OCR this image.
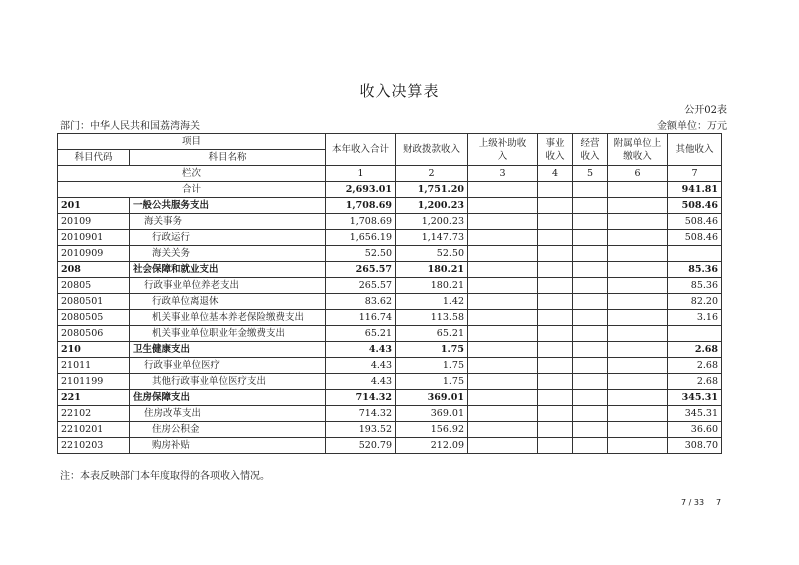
收入决算表
公开02表
部门：中华人民共和国荔湾海关	金额单位：万元
项目		本年收入合计	财政拨款收入	上级补助收入	事业收入	经营收入	附属单位上缴收入	其他收入
科目代码	科目名称							
栏次		1	2	3	4	5	6	7
合计		2,693.01	1,751.20					941.81
201	一般公共服务支出	1,708.69	1,200.23					508.46
20109	海关事务	1,708.69	1,200.23					508.46
2010901	行政运行	1,656.19	1,147.73					508.46
2010909	海关关务	52.50	52.50					
208	社会保障和就业支出	265.57	180.21					85.36
20805	行政事业单位养老支出	265.57	180.21					85.36
2080501	行政单位离退休	83.62	1.42					82.20
2080505	机关事业单位基本养老保险缴费支出	116.74	113.58					3.16
2080506	机关事业单位职业年金缴费支出	65.21	65.21					
210	卫生健康支出	4.43	1.75					2.68
21011	行政事业单位医疗	4.43	1.75					2.68
2101199	其他行政事业单位医疗支出	4.43	1.75					2.68
221	住房保障支出	714.32	369.01					345.31
22102	住房改革支出	714.32	369.01					345.31
2210201	住房公积金	193.52	156.92					36.60
2210203	购房补贴	520.79	212.09					308.70
注：本表反映部门本年度取得的各项收入情况。
7 / 33 7
